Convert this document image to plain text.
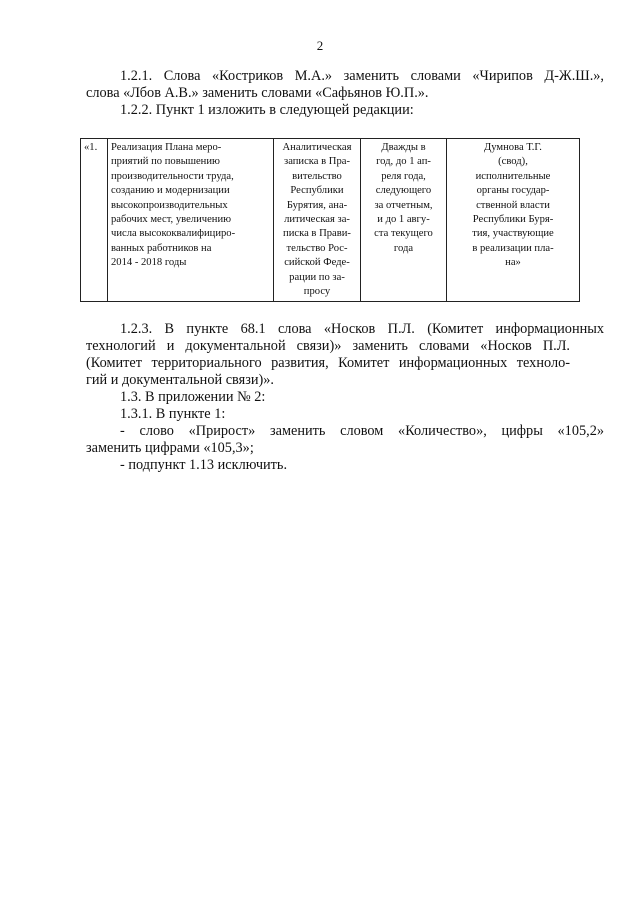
2

1.2.1. Слова «Костриков М.А.» заменить словами «Чирипов Д-Ж.Ш.»,

слова «Лбов А.В.» заменить словами «Сафьянов Ю.П.».

1.2.2. Пункт 1 изложить в следующей редакции:

«1.	Реализация Плана меро-
приятий по повышению
производительности труда,
созданию и модернизации
высокопроизводительных
рабочих мест, увеличению
числа высококвалифициро-
ванных работников на
2014 - 2018 годы	Аналитическая
записка в Пра-
вительство
Республики
Бурятия, ана-
литическая за-
писка в Прави-
тельство Рос-
сийской Феде-
рации по за-
просу	Дважды в
год, до 1 ап-
реля года,
следующего
за отчетным,
и до 1 авгу-
ста текущего
года	Думнова Т.Г.
(свод),
исполнительные
органы государ-
ственной власти
Республики Буря-
тия, участвующие
в реализации пла-
на»

1.2.3. В пункте 68.1 слова «Носков П.Л. (Комитет информационных

технологий и документальной связи)» заменить словами «Носков П.Л.

(Комитет территориального развития, Комитет информационных техноло-

гий и документальной связи)».

1.3. В приложении № 2:

1.3.1. В пункте 1:

- слово «Прирост» заменить словом «Количество», цифры «105,2»

заменить цифрами «105,3»;

- подпункт 1.13 исключить.
